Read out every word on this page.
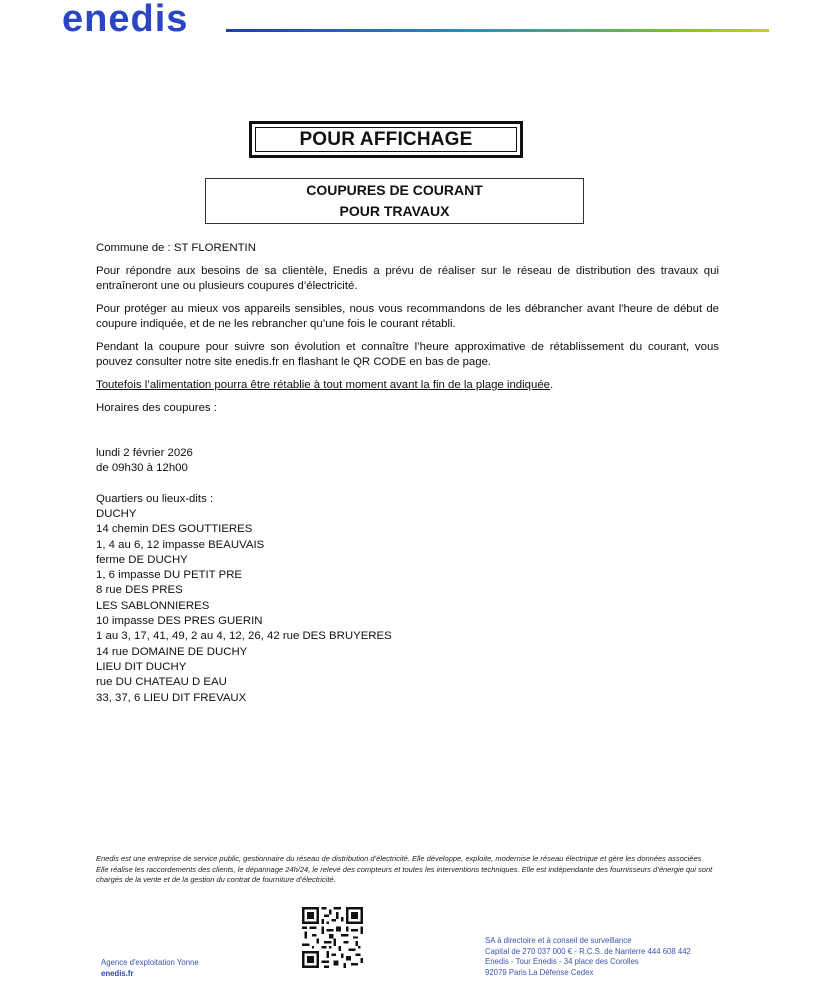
enedis
POUR AFFICHAGE
COUPURES DE COURANT
POUR TRAVAUX
Commune de : ST FLORENTIN
Pour répondre aux besoins de sa clientèle, Enedis a prévu de réaliser sur le réseau de distribution des travaux qui entraîneront une ou plusieurs coupures d’électricité.
Pour protéger au mieux vos appareils sensibles, nous vous recommandons de les débrancher avant l'heure de début de coupure indiquée, et de ne les rebrancher qu’une fois le courant rétabli.
Pendant la coupure pour suivre son évolution et connaître l’heure approximative de rétablissement du courant, vous pouvez consulter notre site enedis.fr en flashant le QR CODE en bas de page.
Toutefois l’alimentation pourra être rétablie à tout moment avant la fin de la plage indiquée.
Horaires des coupures :
lundi 2 février 2026
de 09h30 à 12h00
Quartiers ou lieux-dits :
DUCHY
14 chemin DES GOUTTIERES
1, 4 au 6, 12 impasse BEAUVAIS
ferme DE DUCHY
1, 6 impasse DU PETIT PRE
8 rue DES PRES
LES SABLONNIERES
10 impasse DES PRES GUERIN
1 au 3, 17, 41, 49, 2 au 4, 12, 26, 42 rue DES BRUYERES
14 rue DOMAINE DE DUCHY
LIEU DIT DUCHY
rue DU CHATEAU D EAU
33, 37, 6 LIEU DIT FREVAUX
Enedis est une entreprise de service public, gestionnaire du réseau de distribution d’électricité. Elle développe, exploite, modernise le réseau électrique et gère les données associées. Elle réalise les raccordements des clients, le dépannage 24h/24, le relevé des compteurs et toutes les interventions techniques. Elle est indépendante des fournisseurs d’énergie qui sont chargés de la vente et de la gestion du contrat de fourniture d’électricité.
Agence d'exploitation Yonne
enedis.fr
SA à directoire et à conseil de surveillance
Capital de 270 037 000 € - R.C.S. de Nanterre 444 608 442
Enedis - Tour Enedis - 34 place des Corolles
92079 Paris La Défense Cedex
